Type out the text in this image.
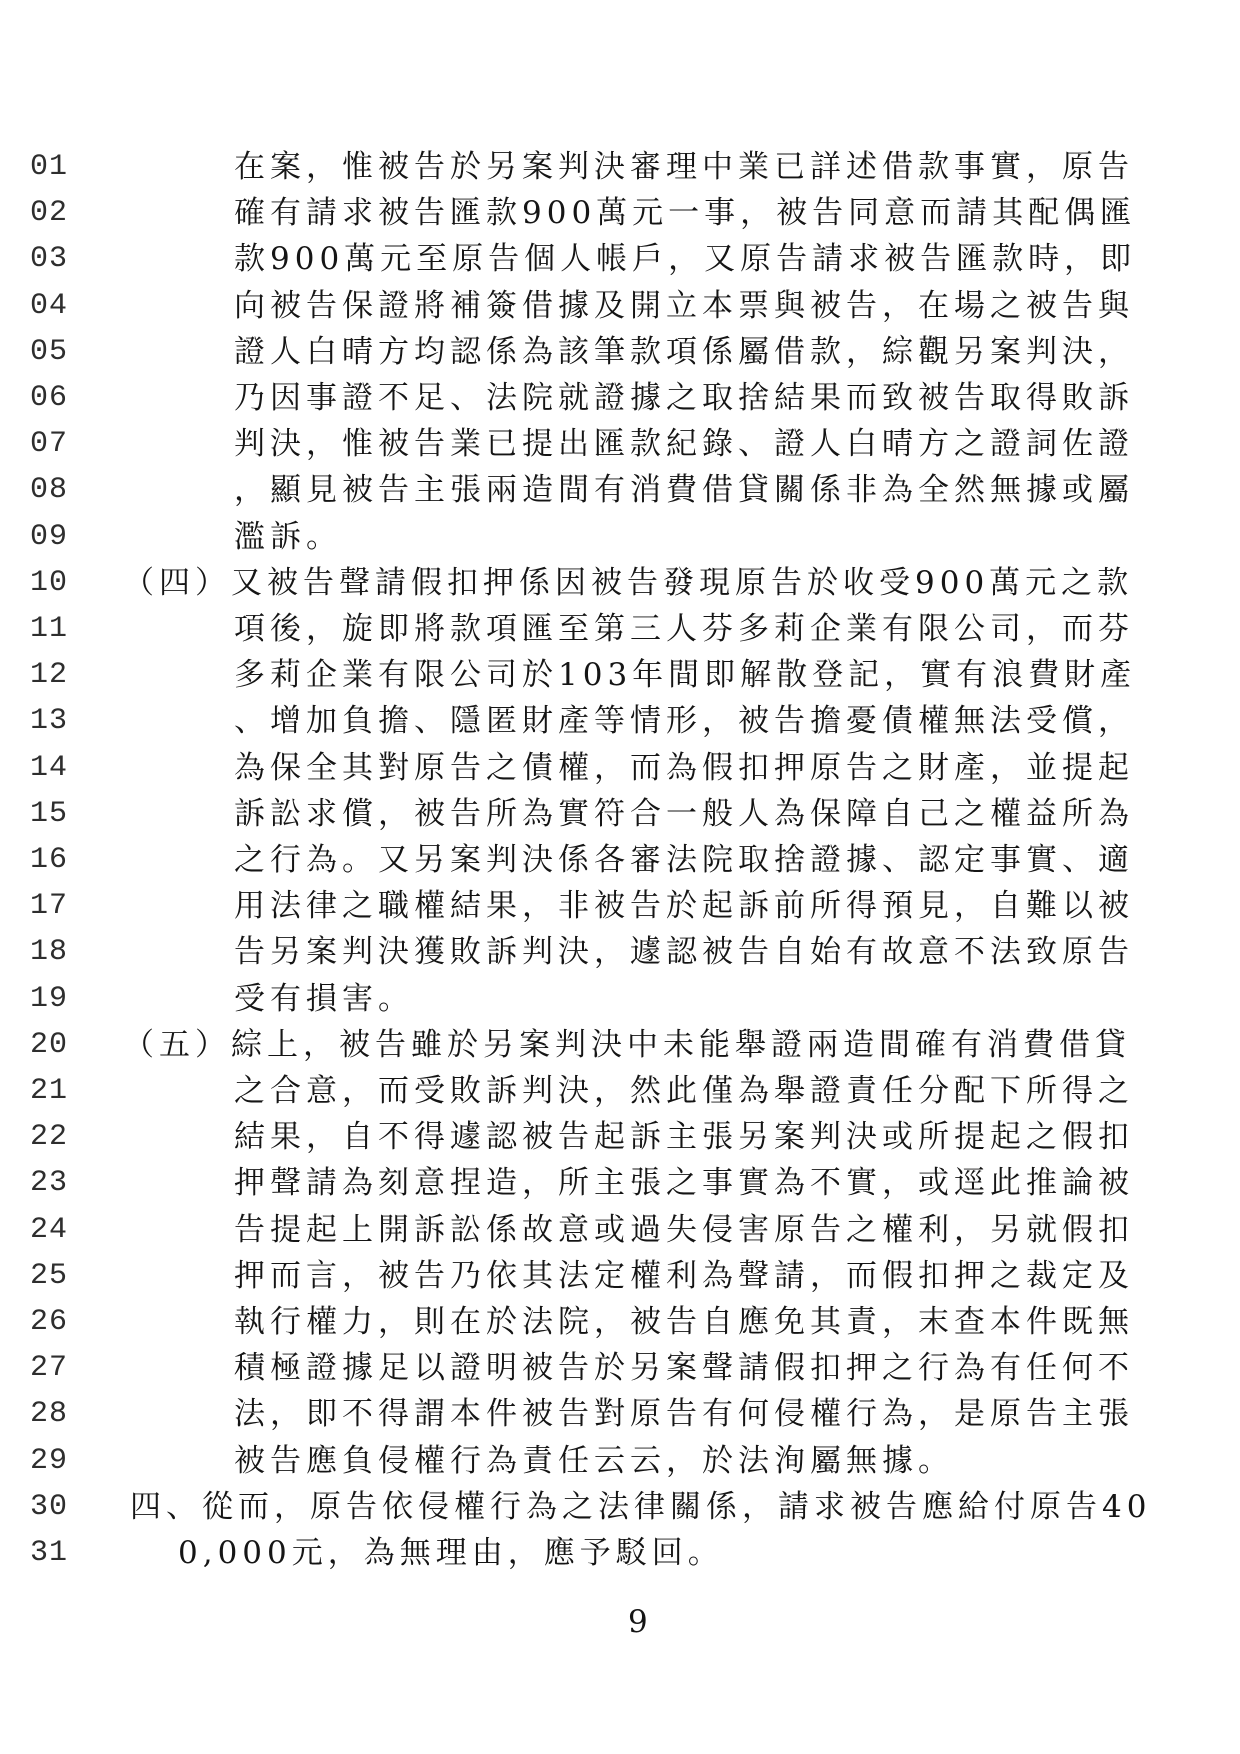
01	在案，惟被告於另案判決審理中業已詳述借款事實，原告
02	確有請求被告匯款900萬元一事，被告同意而請其配偶匯
03	款900萬元至原告個人帳戶，又原告請求被告匯款時，即
04	向被告保證將補簽借據及開立本票與被告，在場之被告與
05	證人白晴方均認係為該筆款項係屬借款，綜觀另案判決，
06	乃因事證不足、法院就證據之取捨結果而致被告取得敗訴
07	判決，惟被告業已提出匯款紀錄、證人白晴方之證詞佐證
08	，顯見被告主張兩造間有消費借貸關係非為全然無據或屬
09	濫訴。
10 （四）又被告聲請假扣押係因被告發現原告於收受900萬元之款
11	項後，旋即將款項匯至第三人芬多莉企業有限公司，而芬
12	多莉企業有限公司於103年間即解散登記，實有浪費財產
13	、增加負擔、隱匿財產等情形，被告擔憂債權無法受償，
14	為保全其對原告之債權，而為假扣押原告之財產，並提起
15	訴訟求償，被告所為實符合一般人為保障自己之權益所為
16	之行為。又另案判決係各審法院取捨證據、認定事實、適
17	用法律之職權結果，非被告於起訴前所得預見，自難以被
18	告另案判決獲敗訴判決，遽認被告自始有故意不法致原告
19	受有損害。
20 （五）綜上，被告雖於另案判決中未能舉證兩造間確有消費借貸
21	之合意，而受敗訴判決，然此僅為舉證責任分配下所得之
22	結果，自不得遽認被告起訴主張另案判決或所提起之假扣
23	押聲請為刻意捏造，所主張之事實為不實，或逕此推論被
24	告提起上開訴訟係故意或過失侵害原告之權利，另就假扣
25	押而言，被告乃依其法定權利為聲請，而假扣押之裁定及
26	執行權力，則在於法院，被告自應免其責，末查本件既無
27	積極證據足以證明被告於另案聲請假扣押之行為有任何不
28	法，即不得謂本件被告對原告有何侵權行為，是原告主張
29	被告應負侵權行為責任云云，於法洵屬無據。
30 四、從而，原告依侵權行為之法律關係，請求被告應給付原告40
31	0,000元，為無理由，應予駁回。
9
